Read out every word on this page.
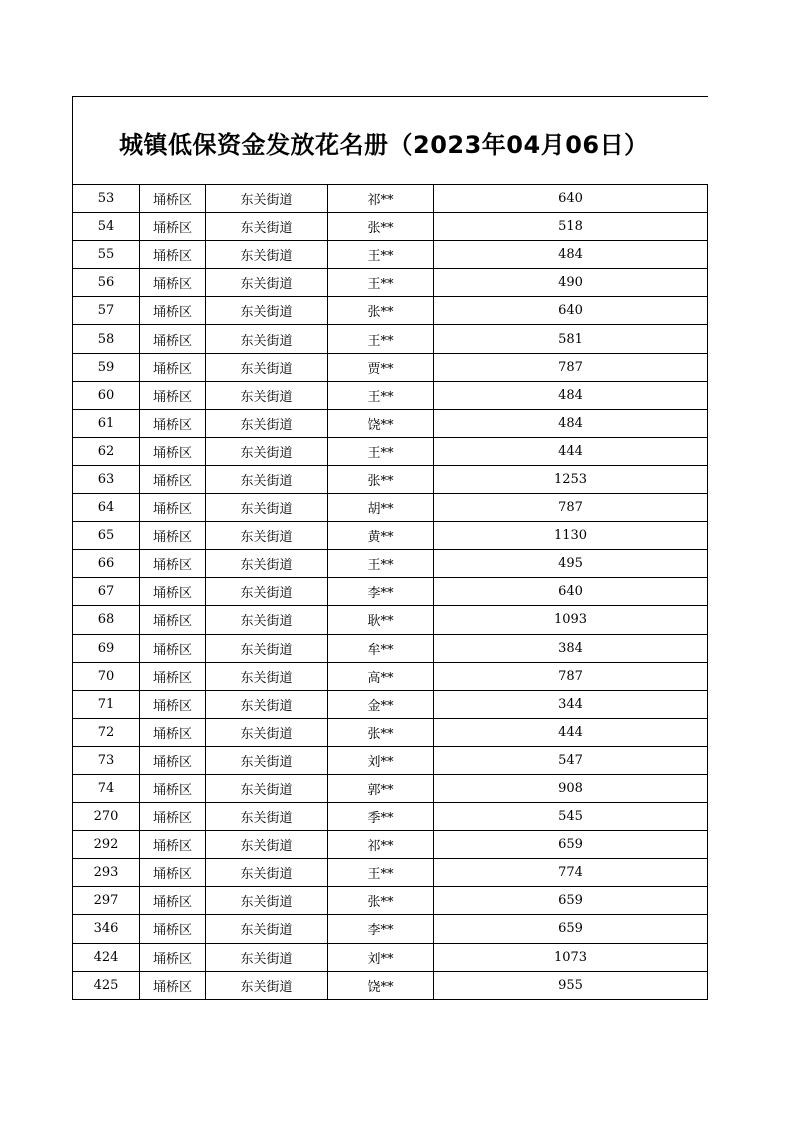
城镇低保资金发放花名册（2023年04月06日）
53	埇桥区	东关街道	祁**	640
54	埇桥区	东关街道	张**	518
55	埇桥区	东关街道	王**	484
56	埇桥区	东关街道	王**	490
57	埇桥区	东关街道	张**	640
58	埇桥区	东关街道	王**	581
59	埇桥区	东关街道	贾**	787
60	埇桥区	东关街道	王**	484
61	埇桥区	东关街道	饶**	484
62	埇桥区	东关街道	王**	444
63	埇桥区	东关街道	张**	1253
64	埇桥区	东关街道	胡**	787
65	埇桥区	东关街道	黄**	1130
66	埇桥区	东关街道	王**	495
67	埇桥区	东关街道	李**	640
68	埇桥区	东关街道	耿**	1093
69	埇桥区	东关街道	牟**	384
70	埇桥区	东关街道	高**	787
71	埇桥区	东关街道	金**	344
72	埇桥区	东关街道	张**	444
73	埇桥区	东关街道	刘**	547
74	埇桥区	东关街道	郭**	908
270	埇桥区	东关街道	季**	545
292	埇桥区	东关街道	祁**	659
293	埇桥区	东关街道	王**	774
297	埇桥区	东关街道	张**	659
346	埇桥区	东关街道	李**	659
424	埇桥区	东关街道	刘**	1073
425	埇桥区	东关街道	饶**	955
